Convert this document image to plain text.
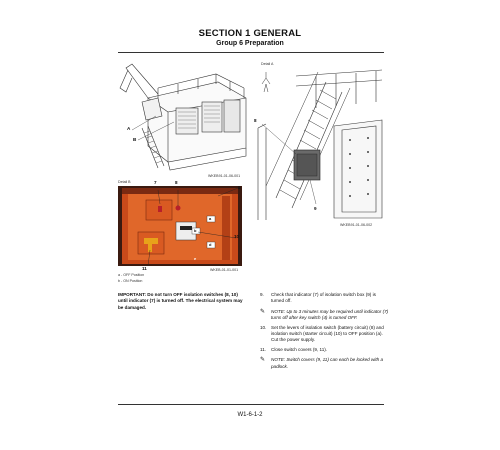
SECTION 1 GENERAL
Group 6 Preparation
A
B
WKEB91-01-06-001
Detail A
8
9
WKEB91-01-06-002
Detail B	7	8
9
10
11
a
b
d
e
WKEB-01-01-001
a - OFF Position
b - ON Position
IMPORTANT: Do not turn OFF isolation switches (8, 10) until indicator (7) is turned off. The electrical system may be damaged.
9.	Check that indicator (7) of isolation switch box (9) is turned off.
✎	NOTE: Up to 3 minutes may be required until indicator (7) turns off after key switch (4) is turned OFF.
10.	Set the levers of isolation switch (battery circuit) (8) and isolation switch (starter circuit) (10) to OFF position (a). Cut the power supply.
11.	Close switch covers (9, 11).
✎	NOTE: Switch covers (9, 11) can each be locked with a padlock.
W1-6-1-2
